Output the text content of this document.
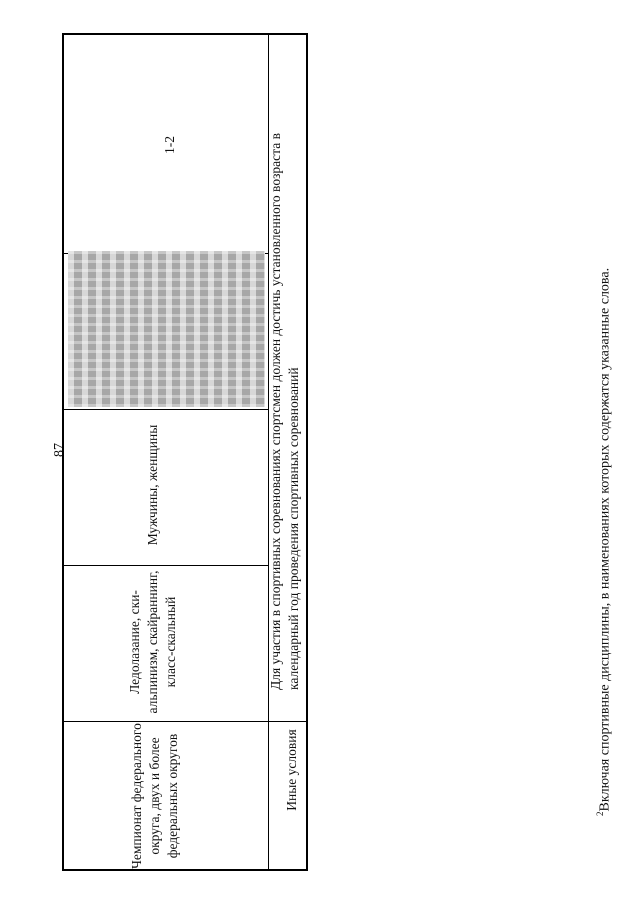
87
Чемпионат федерального округа, двух и более федеральных округов
Ледолазание, ски-альпинизм, скайраннинг, класс-скальный
Мужчины, женщины
1-2
Иные условия
Для участия в спортивных соревнованиях спортсмен должен достичь установленного возраста в календарный год проведения спортивных соревнований
$^2$Включая спортивные дисциплины, в наименованиях которых содержатся указанные слова.
